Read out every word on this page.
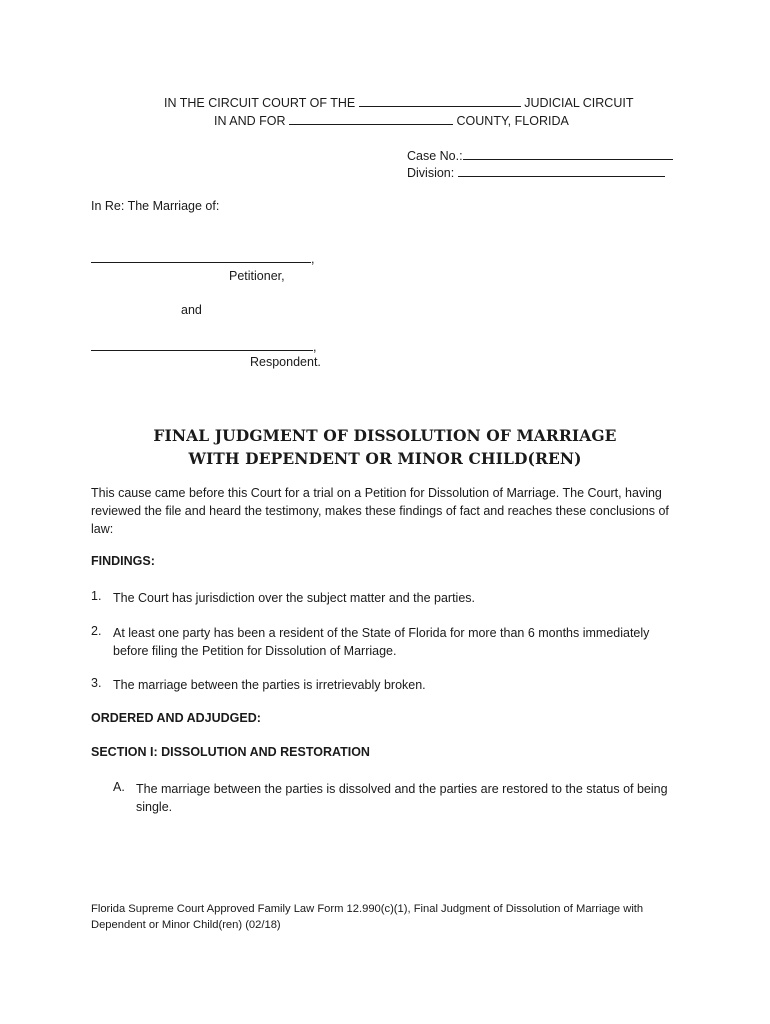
IN THE CIRCUIT COURT OF THE	JUDICIAL CIRCUIT
IN AND FOR	COUNTY, FLORIDA
Case No.:
Division:
In Re: The Marriage of:
,
Petitioner,
and
,
Respondent.
FINAL JUDGMENT OF DISSOLUTION OF MARRIAGE
WITH DEPENDENT OR MINOR CHILD(REN)
This cause came before this Court for a trial on a Petition for Dissolution of Marriage. The Court, having
reviewed the file and heard the testimony, makes these findings of fact and reaches these conclusions of
law:
FINDINGS:
1. The Court has jurisdiction over the subject matter and the parties.
2. At least one party has been a resident of the State of Florida for more than 6 months immediately
before filing the Petition for Dissolution of Marriage.
3. The marriage between the parties is irretrievably broken.
ORDERED AND ADJUDGED:
SECTION I: DISSOLUTION AND RESTORATION
A. The marriage between the parties is dissolved and the parties are restored to the status of being
single.
Florida Supreme Court Approved Family Law Form 12.990(c)(1), Final Judgment of Dissolution of Marriage with
Dependent or Minor Child(ren) (02/18)
